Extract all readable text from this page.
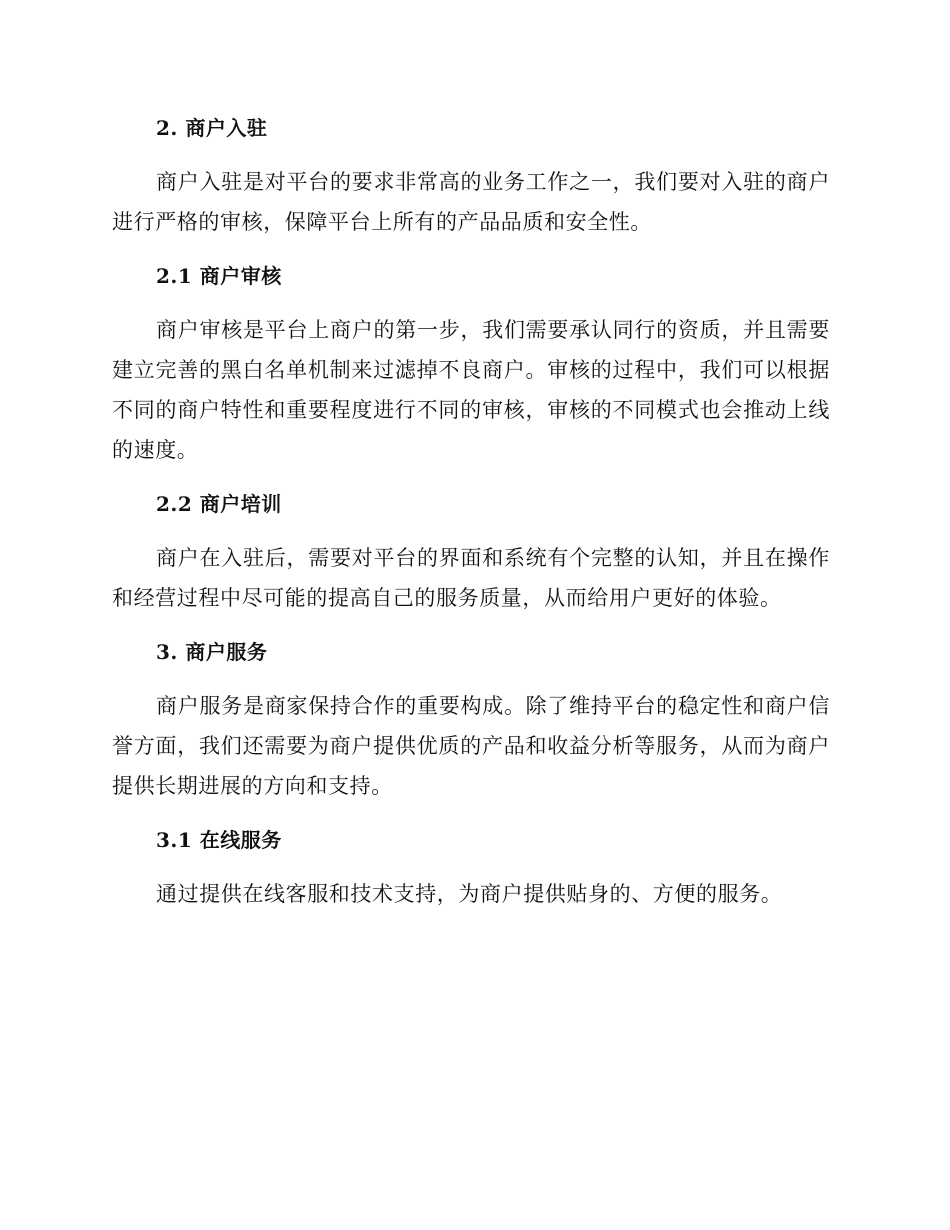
2. 商户入驻

商户入驻是对平台的要求非常高的业务工作之一，我们要对入驻的商户进行严格的审核，保障平台上所有的产品品质和安全性。

2.1 商户审核

商户审核是平台上商户的第一步，我们需要承认同行的资质，并且需要建立完善的黑白名单机制来过滤掉不良商户。审核的过程中，我们可以根据不同的商户特性和重要程度进行不同的审核，审核的不同模式也会推动上线的速度。

2.2 商户培训

商户在入驻后，需要对平台的界面和系统有个完整的认知，并且在操作和经营过程中尽可能的提高自己的服务质量，从而给用户更好的体验。

3. 商户服务

商户服务是商家保持合作的重要构成。除了维持平台的稳定性和商户信誉方面，我们还需要为商户提供优质的产品和收益分析等服务，从而为商户提供长期进展的方向和支持。

3.1 在线服务

通过提供在线客服和技术支持，为商户提供贴身的、方便的服务。
